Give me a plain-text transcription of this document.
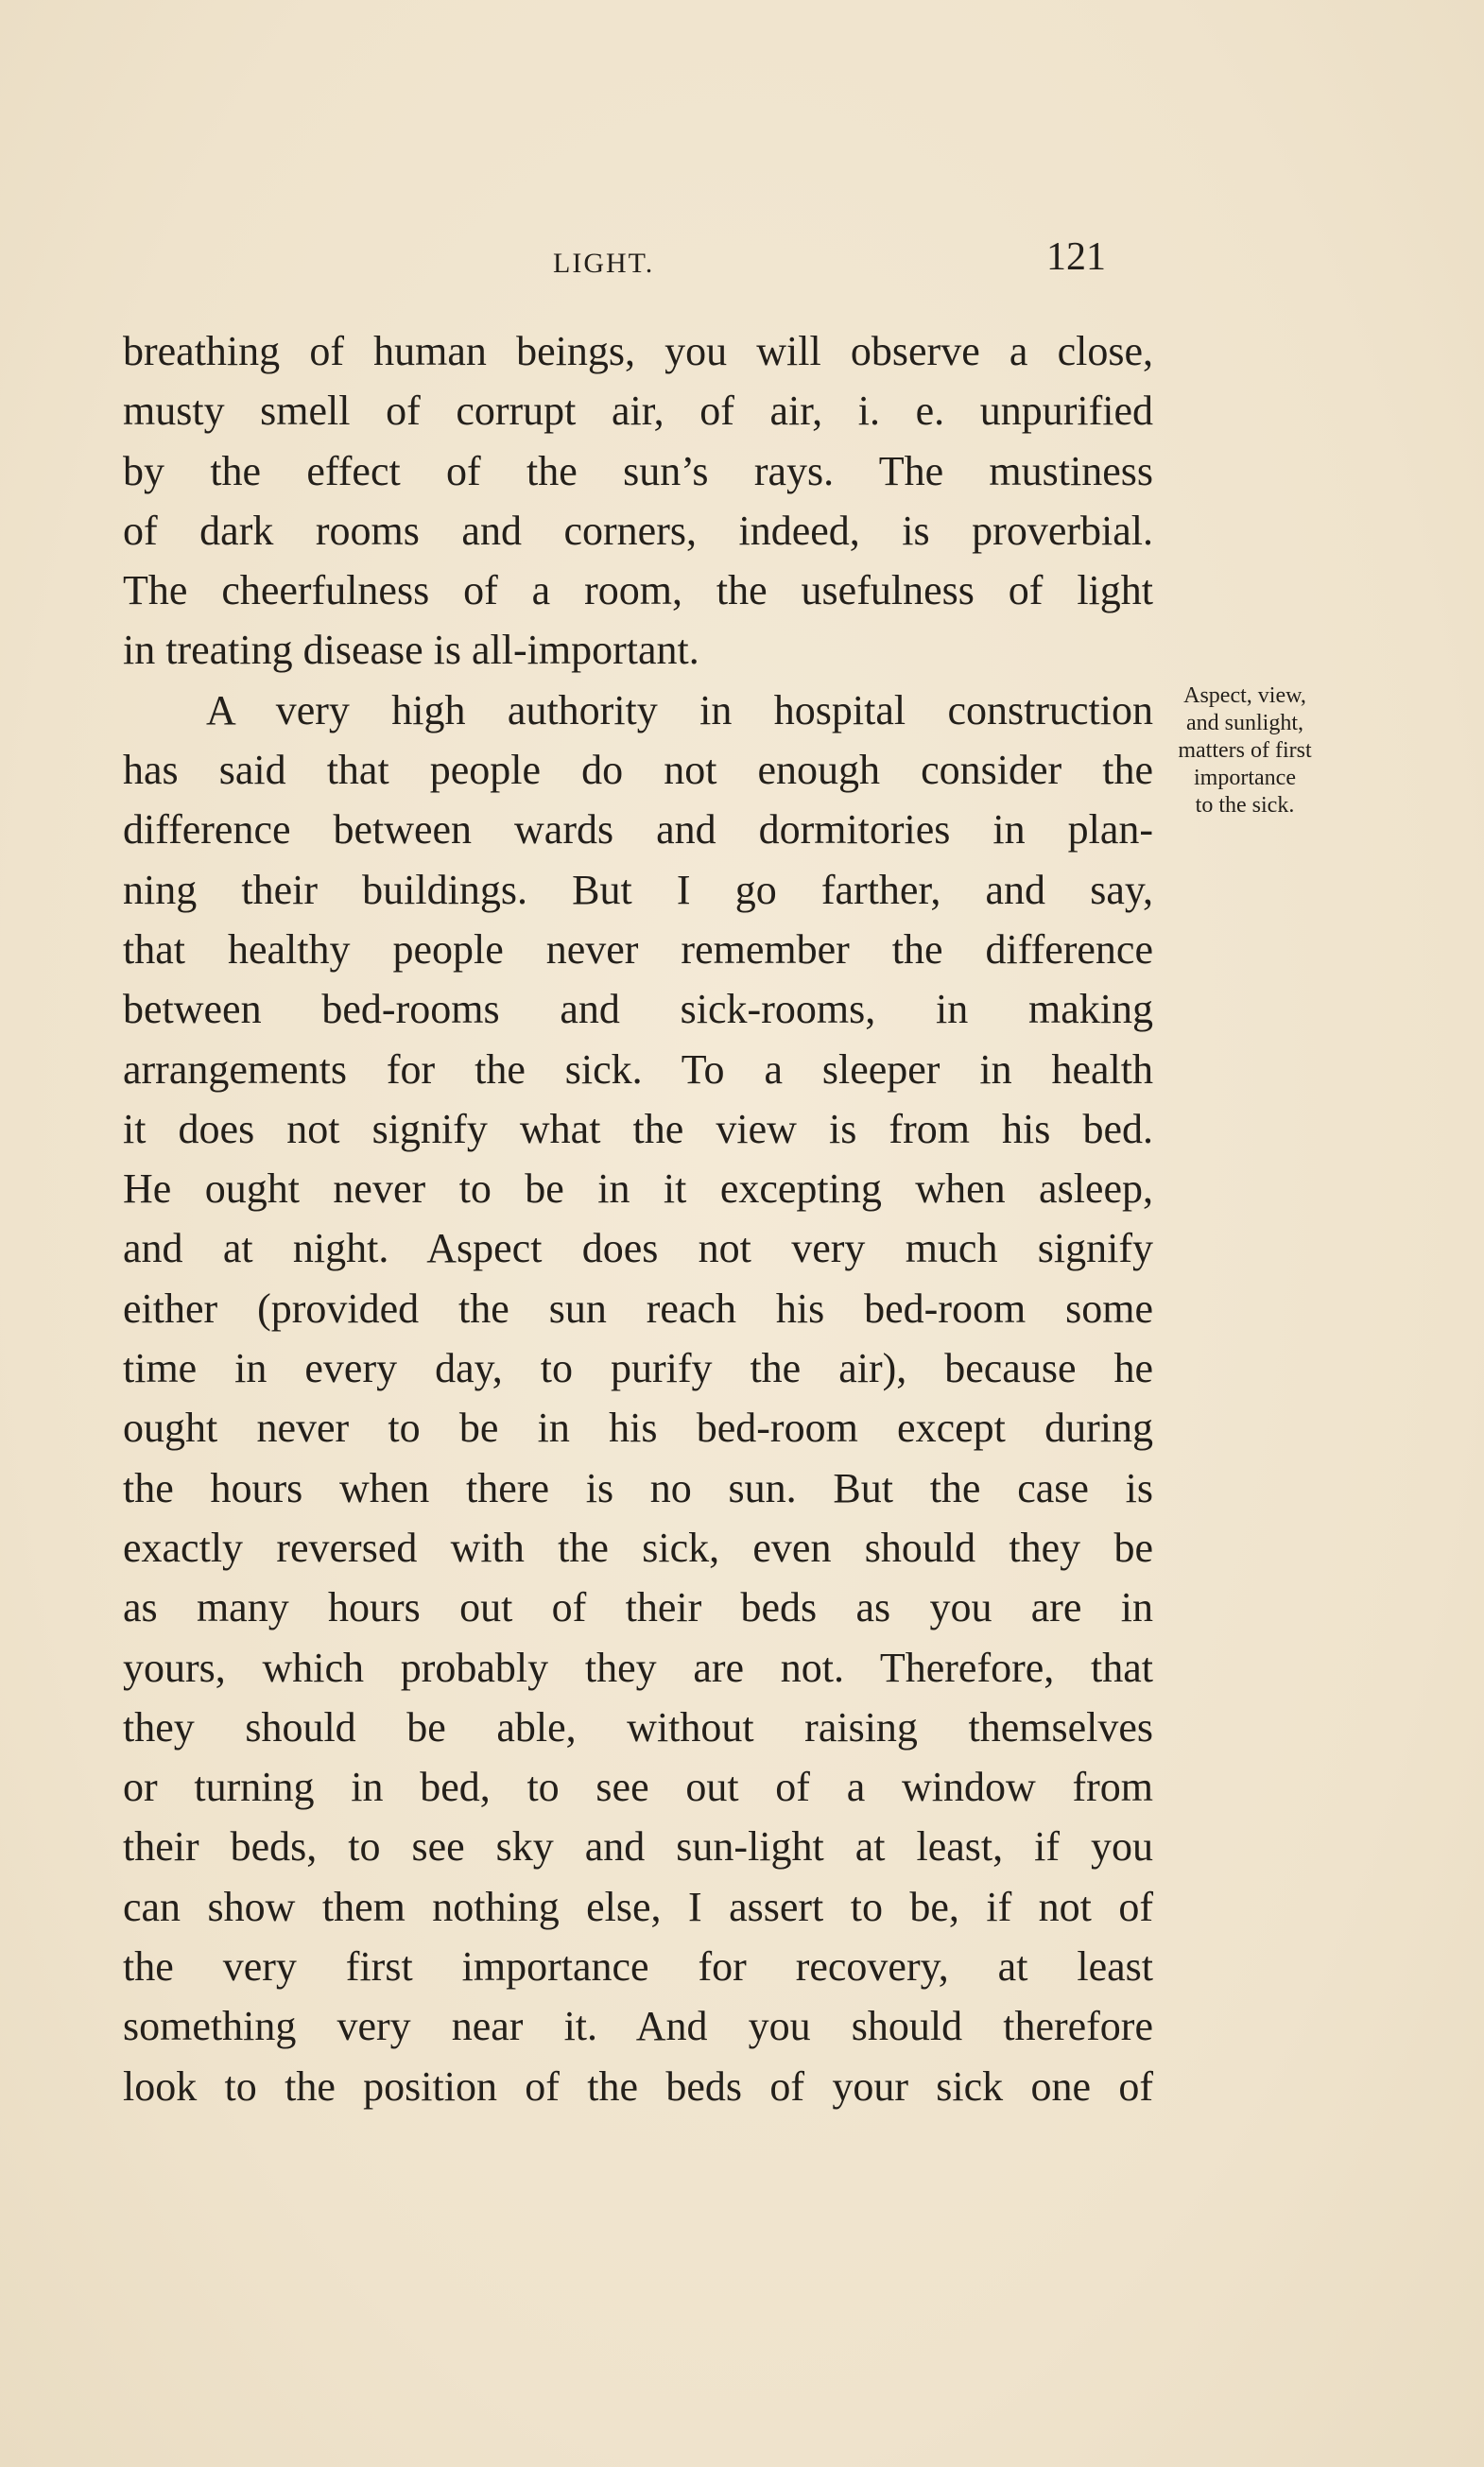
LIGHT.	121
breathing of human beings, you will observe a close,
musty smell of corrupt air, of air, i. e. unpurified
by the effect of the sun’s rays. The mustiness
of dark rooms and corners, indeed, is proverbial.
The cheerfulness of a room, the usefulness of light
in treating disease is all-important.
A very high authority in hospital construction
has said that people do not enough consider the
difference between wards and dormitories in plan-
ning their buildings. But I go farther, and say,
that healthy people never remember the difference
between bed-rooms and sick-rooms, in making
arrangements for the sick. To a sleeper in health
it does not signify what the view is from his bed.
He ought never to be in it excepting when asleep,
and at night. Aspect does not very much signify
either (provided the sun reach his bed-room some
time in every day, to purify the air), because he
ought never to be in his bed-room except during
the hours when there is no sun. But the case is
exactly reversed with the sick, even should they be
as many hours out of their beds as you are in
yours, which probably they are not. Therefore, that
they should be able, without raising themselves
or turning in bed, to see out of a window from
their beds, to see sky and sun-light at least, if you
can show them nothing else, I assert to be, if not of
the very first importance for recovery, at least
something very near it. And you should therefore
look to the position of the beds of your sick one of
Aspect, view,
and sunlight,
matters of first
importance
to the sick.
